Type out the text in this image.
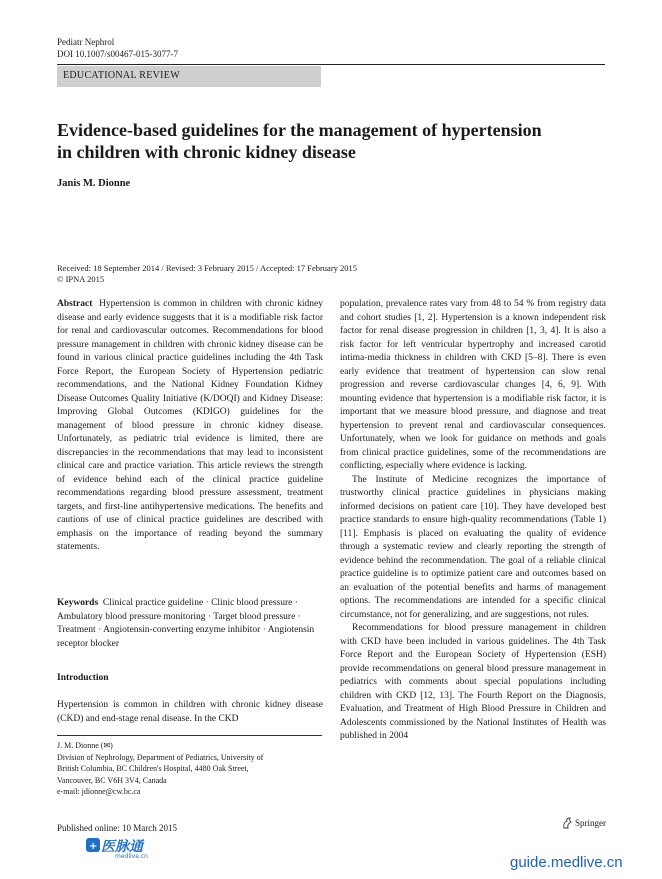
Pediatr Nephrol
DOI 10.1007/s00467-015-3077-7
EDUCATIONAL REVIEW
Evidence-based guidelines for the management of hypertension
in children with chronic kidney disease
Janis M. Dionne
Received: 18 September 2014 / Revised: 3 February 2015 / Accepted: 17 February 2015
© IPNA 2015

Abstract Hypertension is common in children with chronic kidney disease and early evidence suggests that it is a modifiable risk factor for renal and cardiovascular outcomes. Recommendations for blood pressure management in children with chronic kidney disease can be found in various clinical practice guidelines including the 4th Task Force Report, the European Society of Hypertension pediatric recommendations, and the National Kidney Foundation Kidney Disease Outcomes Quality Initiative (K/DOQI) and Kidney Disease: Improving Global Outcomes (KDIGO) guidelines for the management of blood pressure in chronic kidney disease. Unfortunately, as pediatric trial evidence is limited, there are discrepancies in the recommendations that may lead to inconsistent clinical care and practice variation. This article reviews the strength of evidence behind each of the clinical practice guideline recommendations regarding blood pressure assessment, treatment targets, and first-line antihypertensive medications. The benefits and cautions of use of clinical practice guidelines are described with emphasis on the importance of reading beyond the summary statements.

Keywords Clinical practice guideline · Clinic blood pressure · Ambulatory blood pressure monitoring · Target blood pressure · Treatment · Angiotensin-converting enzyme inhibitor · Angiotensin receptor blocker
Introduction
Hypertension is common in children with chronic kidney disease (CKD) and end-stage renal disease. In the CKD
J. M. Dionne (✉)
Division of Nephrology, Department of Pediatrics, University of
British Columbia, BC Children's Hospital, 4480 Oak Street,
Vancouver, BC V6H 3V4, Canada
e-mail: jdionne@cw.bc.ca

population, prevalence rates vary from 48 to 54 % from registry data and cohort studies [1, 2]. Hypertension is a known independent risk factor for renal disease progression in children [1, 3, 4]. It is also a risk factor for left ventricular hypertrophy and increased carotid intima-media thickness in children with CKD [5–8]. There is even early evidence that treatment of hypertension can slow renal progression and reverse cardiovascular changes [4, 6, 9]. With mounting evidence that hypertension is a modifiable risk factor, it is important that we measure blood pressure, and diagnose and treat hypertension to prevent renal and cardiovascular consequences. Unfortunately, when we look for guidance on methods and goals from clinical practice guidelines, some of the recommendations are conflicting, especially where evidence is lacking.

The Institute of Medicine recognizes the importance of trustworthy clinical practice guidelines in physicians making informed decisions on patient care [10]. They have developed best practice standards to ensure high-quality recommendations (Table 1) [11]. Emphasis is placed on evaluating the quality of evidence through a systematic review and clearly reporting the strength of evidence behind the recommendation. The goal of a reliable clinical practice guideline is to optimize patient care and outcomes based on an evaluation of the potential benefits and harms of management options. The recommendations are intended for a specific clinical circumstance, not for generalizing, and are suggestions, not rules.

Recommendations for blood pressure management in children with CKD have been included in various guidelines. The 4th Task Force Report and the European Society of Hypertension (ESH) provide recommendations on general blood pressure management in pediatrics with comments about special populations including children with CKD [12, 13]. The Fourth Report on the Diagnosis, Evaluation, and Treatment of High Blood Pressure in Children and Adolescents commissioned by the National Institutes of Health was published in 2004

Published online: 10 March 2015	Springer
+ 医脉通
medlive.cn	guide.medlive.cn
